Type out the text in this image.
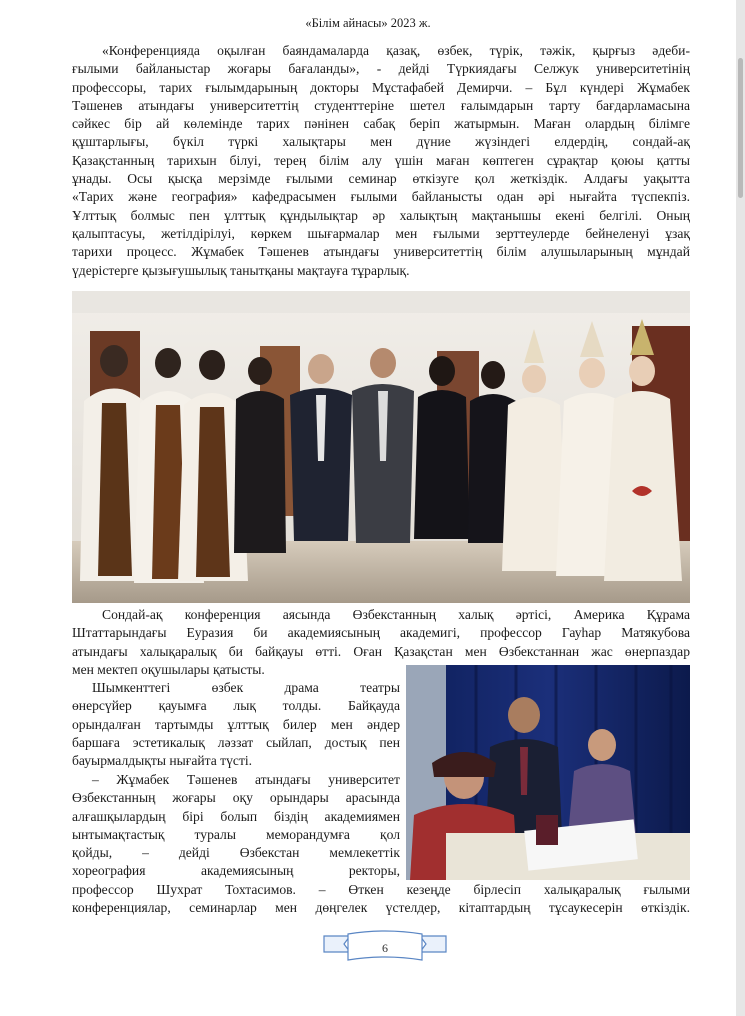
«Білім айнасы» 2023 ж.
«Конференцияда оқылған баяндамаларда қазақ, өзбек, түрік, тәжік, қырғыз әдеби-
ғылыми байланыстар жоғары бағаланды», - дейді Түркиядағы Селжук университетінің
профессоры, тарих ғылымдарының докторы Мұстафабей Демирчи. – Бұл күндері Жұмабек
Тәшенев атындағы университеттің студенттеріне шетел ғалымдарын тарту бағдарламасына
сәйкес бір ай көлемінде тарих пәнінен сабақ беріп жатырмын. Маған олардың білімге
құштарлығы, бүкіл түркі халықтары мен дүние жүзіндегі елдердің, сондай-ақ
Қазақстанның тарихын білуі, терең білім алу үшін маған көптеген сұрақтар қоюы қатты
ұнады. Осы қысқа мерзімде ғылыми семинар өткізуге қол жеткіздік. Алдағы уақытта
«Тарих және география» кафедрасымен ғылыми байланысты одан әрі нығайта түспекпіз.
Ұлттық болмыс пен ұлттық құндылықтар әр халықтың мақтанышы екені белгілі. Оның
қалыптасуы, жетілдірілуі, көркем шығармалар мен ғылыми зерттеулерде бейнеленуі ұзақ
тарихи процесс. Жұмабек Тәшенев атындағы университеттің білім алушыларының мұндай
үдерістерге қызығушылық танытқаны мақтауға тұрарлық.
Сондай-ақ конференция аясында Өзбекстанның халық әртісі, Америка Құрама
Штаттарындағы Еуразия би академиясының академигі, профессор Гауһар Матякубова
атындағы халықаралық би байқауы өтті. Оған Қазақстан мен Өзбекстаннан жас өнерпаздар
мен мектеп оқушылары қатысты.
Шымкенттегі өзбек драма театры
өнерсүйер қауымға лық толды. Байқауда
орындалған тартымды ұлттық билер мен әндер
баршаға эстетикалық ләззат сыйлап, достық пен
бауырмалдықты нығайта түсті.
– Жұмабек Тәшенев атындағы университет
Өзбекстанның жоғары оқу орындары арасында
алғашқылардың бірі болып біздің академиямен
ынтымақтастық туралы меморандумға қол
қойды, – дейді Өзбекстан мемлекеттік
хореография академиясының ректоры,
профессор Шухрат Тохтасимов. – Өткен кезеңде бірлесіп халықаралық ғылыми
конференциялар, семинарлар мен дөңгелек үстелдер, кітаптардың тұсаукесерін өткіздік.
6
